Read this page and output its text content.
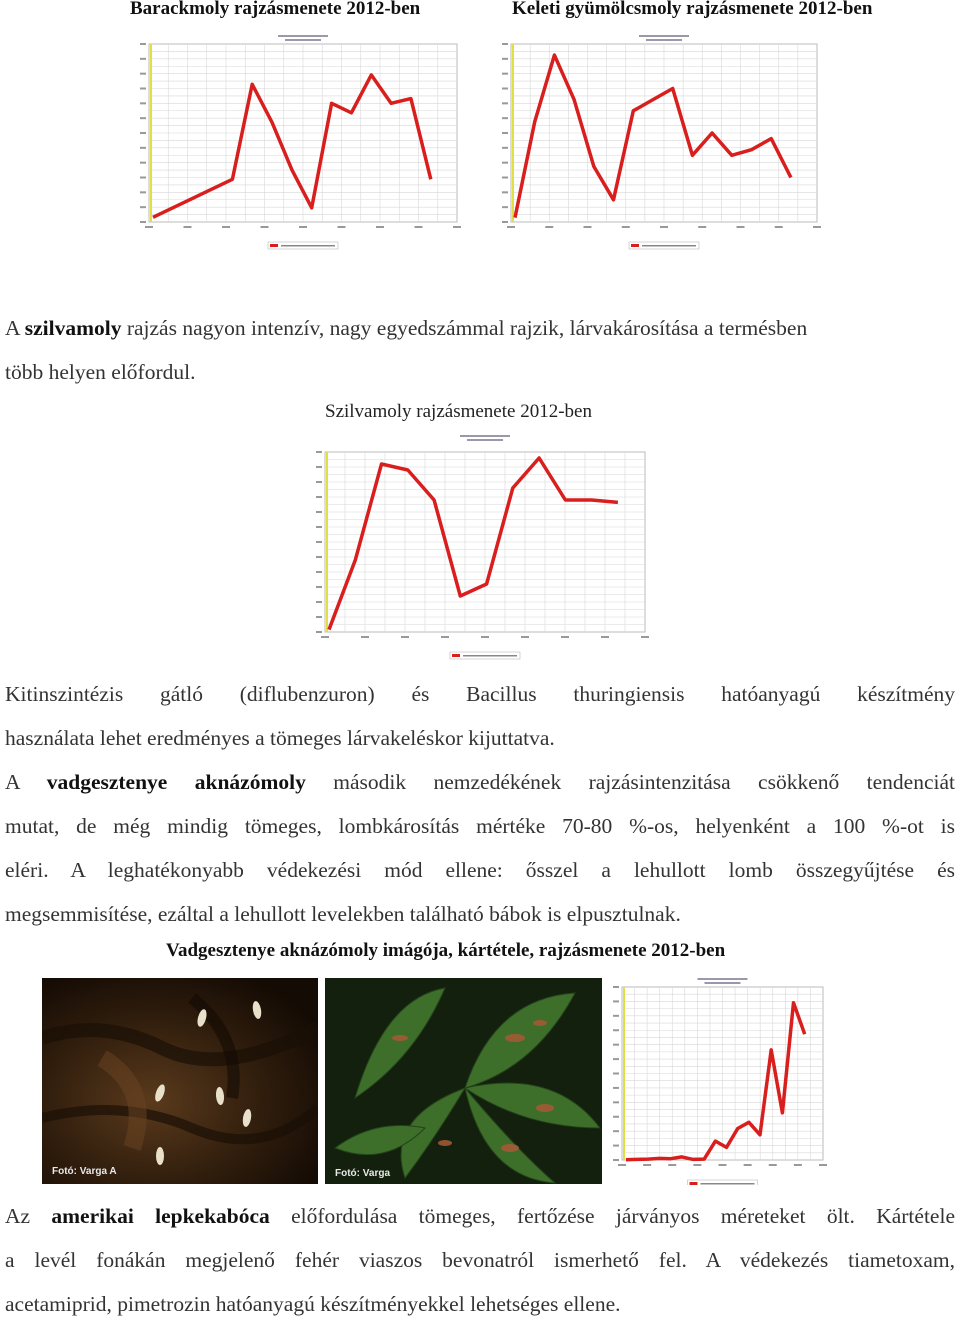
Barackmoly rajzásmenete 2012-ben	Keleti gyümölcsmoly rajzásmenete 2012-ben
A szilvamoly rajzás nagyon intenzív, nagy egyedszámmal rajzik, lárvakárosítása a termésben
több helyen előfordul.
Szilvamoly rajzásmenete 2012-ben
Kitinszintézis gátló (diflubenzuron) és Bacillus thuringiensis hatóanyagú készítmény
használata lehet eredményes a tömeges lárvakeléskor kijuttatva.
A vadgesztenye aknázómoly második nemzedékének rajzásintenzitása csökkenő tendenciát
mutat, de még mindig tömeges, lombkárosítás mértéke 70-80 %-os, helyenként a 100 %-ot is
eléri. A leghatékonyabb védekezési mód ellene: ősszel a lehullott lomb összegyűjtése és
megsemmisítése, ezáltal a lehullott levelekben található bábok is elpusztulnak.
Vadgesztenye aknázómoly imágója, kártétele, rajzásmenete 2012-ben
Fotó: Varga A	Fotó: Varga
Az amerikai lepkekabóca előfordulása tömeges, fertőzése járványos méreteket ölt. Kártétele
a levél fonákán megjelenő fehér viaszos bevonatról ismerhető fel. A védekezés tiametoxam,
acetamiprid, pimetrozin hatóanyagú készítményekkel lehetséges ellene.
